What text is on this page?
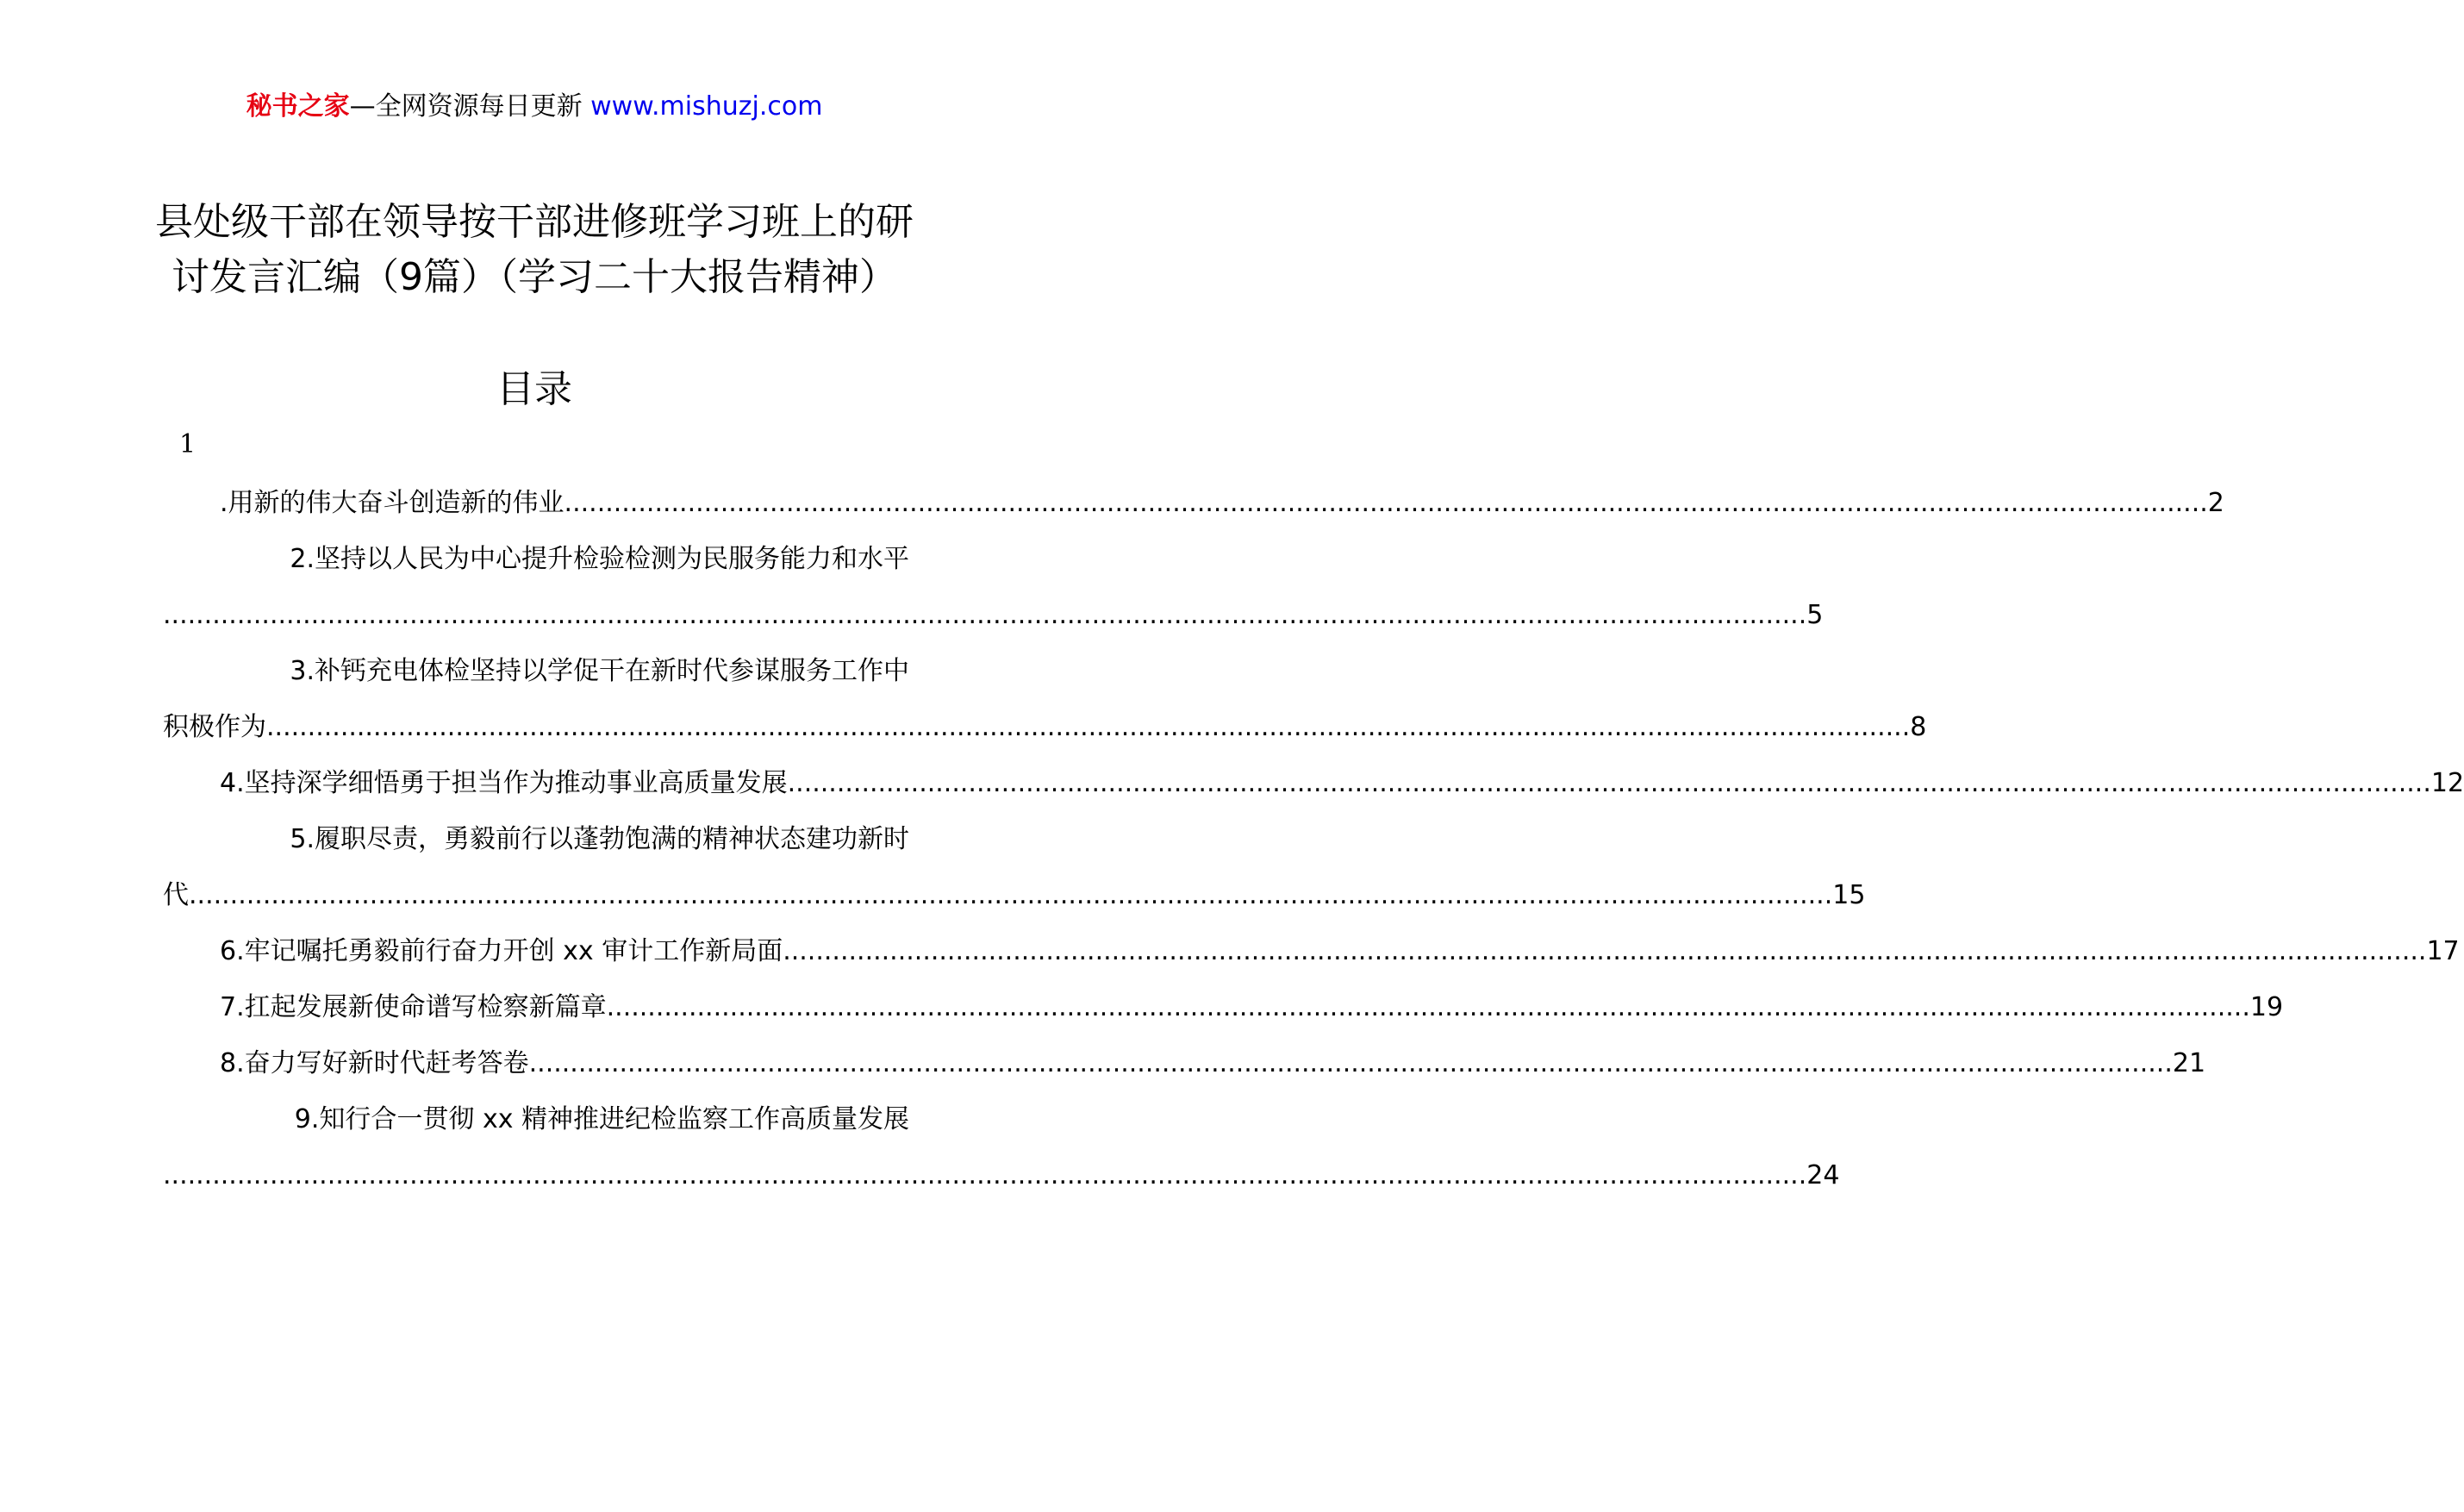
秘书之家—全网资源每日更新 www.mishuzj.com
县处级干部在领导按干部进修班学习班上的研讨发言汇编（9篇）（学习二十大报告精神）
目录
1
.用新的伟大奋斗创造新的伟业 ........................................................................................................................................................................................................ 2
2.坚持以人民为中心提升检验检测为民服务能力和水平
........................................................................................................................................................................................................ 5
3.补钙充电体检坚持以学促干在新时代参谋服务工作中
积极作为 ........................................................................................................................................................................................................ 8
4.坚持深学细悟勇于担当作为推动事业高质量发展 ........................................................................................................................................................................................................ 12
5.履职尽责，勇毅前行以蓬勃饱满的精神状态建功新时
代 ........................................................................................................................................................................................................ 15
6.牢记嘱托勇毅前行奋力开创 xx 审计工作新局面 ........................................................................................................................................................................................................ 17
7.扛起发展新使命谱写检察新篇章 ........................................................................................................................................................................................................ 19
8.奋力写好新时代赶考答卷 ........................................................................................................................................................................................................ 21
9.知行合一贯彻 xx 精神推进纪检监察工作高质量发展
........................................................................................................................................................................................................ 24
